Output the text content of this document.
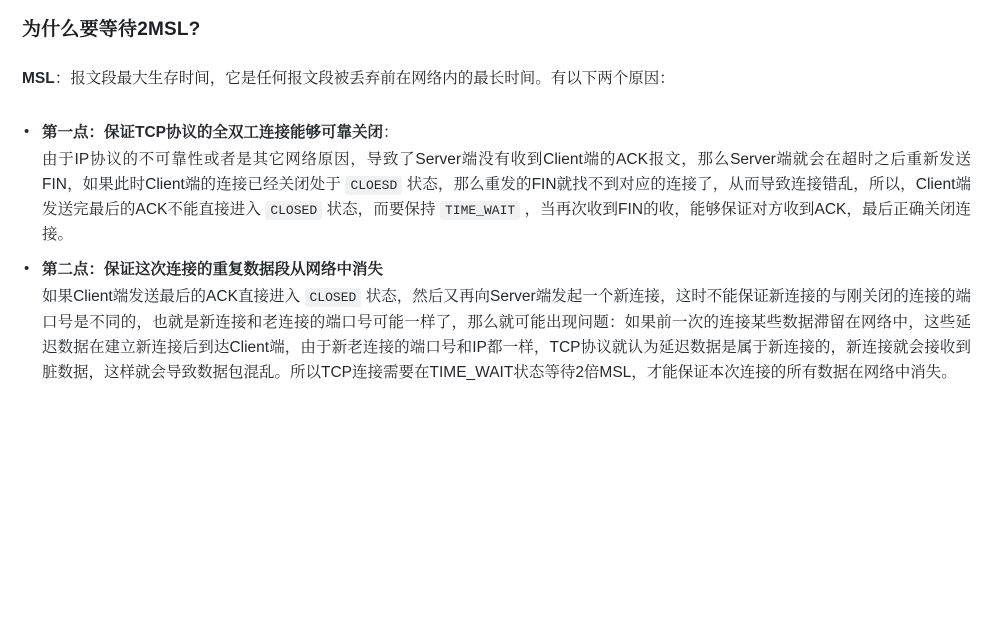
为什么要等待2MSL?

MSL：报文段最大生存时间，它是任何报文段被丢弃前在网络内的最长时间。有以下两个原因：

• 第一点：保证TCP协议的全双工连接能够可靠关闭：

由于IP协议的不可靠性或者是其它网络原因，导致了Server端没有收到Client端的ACK报文，那么Server端就会在超时之后重新发送FIN，如果此时Client端的连接已经关闭处于 CLOESD 状态，那么重发的FIN就找不到对应的连接了，从而导致连接错乱，所以，Client端发送完最后的ACK不能直接进入 CLOSED 状态，而要保持 TIME_WAIT ，当再次收到FIN的收，能够保证对方收到ACK，最后正确关闭连接。

• 第二点：保证这次连接的重复数据段从网络中消失

如果Client端发送最后的ACK直接进入 CLOSED 状态，然后又再向Server端发起一个新连接，这时不能保证新连接的与刚关闭的连接的端口号是不同的，也就是新连接和老连接的端口号可能一样了，那么就可能出现问题：如果前一次的连接某些数据滞留在网络中，这些延迟数据在建立新连接后到达Client端，由于新老连接的端口号和IP都一样，TCP协议就认为延迟数据是属于新连接的，新连接就会接收到脏数据，这样就会导致数据包混乱。所以TCP连接需要在TIME_WAIT状态等待2倍MSL，才能保证本次连接的所有数据在网络中消失。
